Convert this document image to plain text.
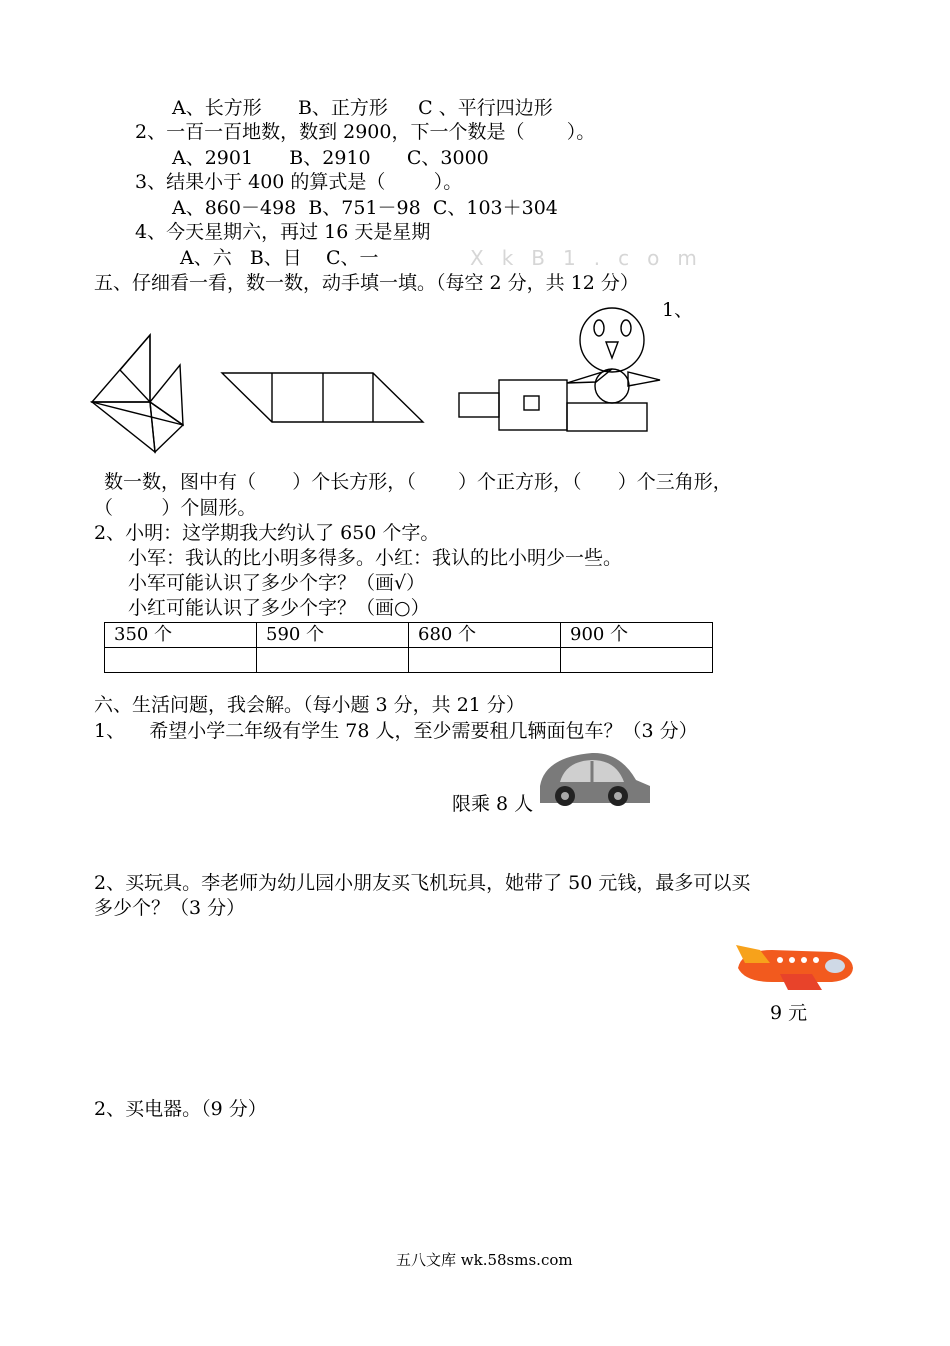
A、长方形      B、正方形     C 、平行四边形
2、一百一百地数，数到 2900，下一个数是（       ）。
A、2901      B、2910      C、3000
3、结果小于 400 的算式是（        ）。
A、860－498  B、751－98  C、103＋304
4、今天星期六，再过 16 天是星期
A、六   B、日    C、一	XkB1.com
五、仔细看一看，数一数，动手填一填。（每空 2 分，共 12 分）
1、
数一数，图中有（      ）个长方形，（       ）个正方形，（      ）个三角形，
（        ）个圆形。
2、小明：这学期我大约认了 650 个字。
小军：我认的比小明多得多。小红：我认的比小明少一些。
小军可能认识了多少个字？（画√）
小红可能认识了多少个字？（画○）
350 个	590 个	680 个	900 个

六、生活问题，我会解。（每小题 3 分，共 21 分）
1、    希望小学二年级有学生 78 人，至少需要租几辆面包车？（3 分）
限乘 8 人
2、买玩具。李老师为幼儿园小朋友买飞机玩具，她带了 50 元钱，最多可以买
多少个？（3 分）
9 元
2、买电器。（9 分）
五八文库 wk.58sms.com
